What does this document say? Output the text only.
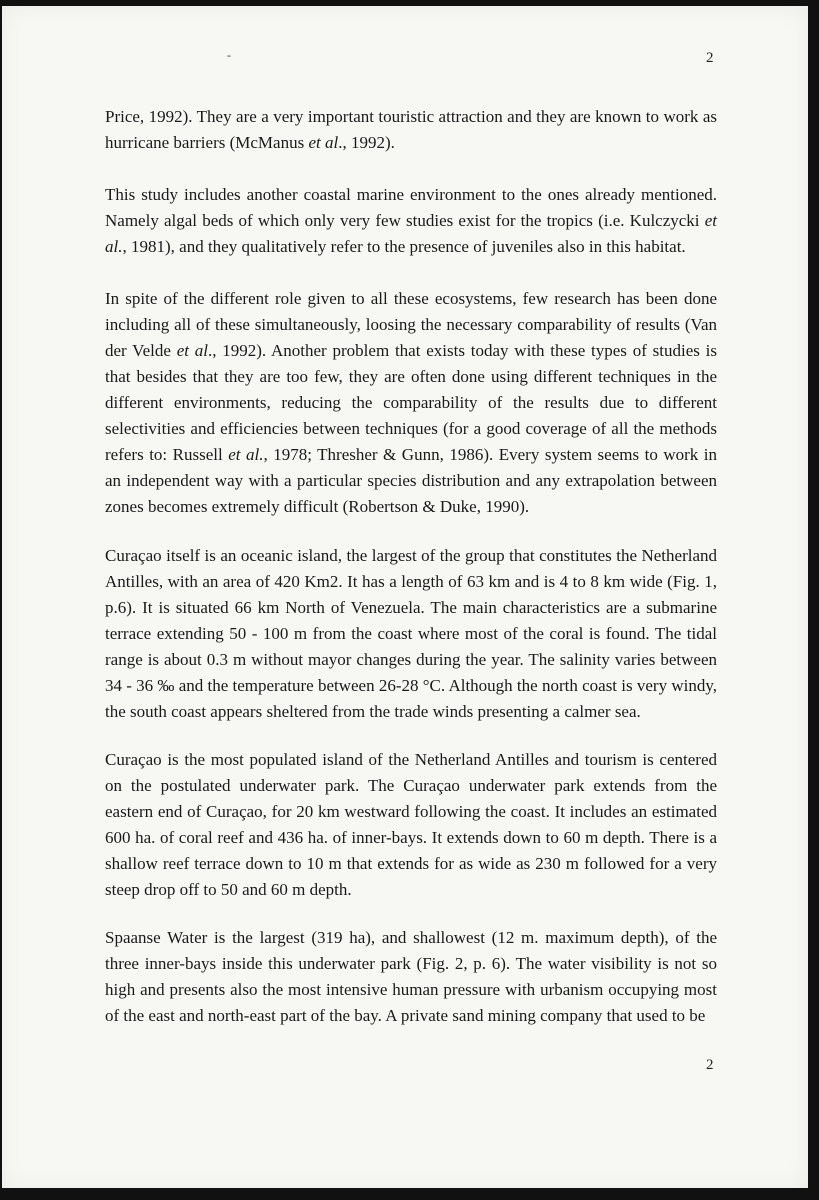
-	2
Price, 1992). They are a very important touristic attraction and they are known to work as hurricane barriers (McManus et al., 1992).
This study includes another coastal marine environment to the ones already mentioned. Namely algal beds of which only very few studies exist for the tropics (i.e. Kulczycki et al., 1981), and they qualitatively refer to the presence of juveniles also in this habitat.
In spite of the different role given to all these ecosystems, few research has been done including all of these simultaneously, loosing the necessary comparability of results (Van der Velde et al., 1992). Another problem that exists today with these types of studies is that besides that they are too few, they are often done using different techniques in the different environments, reducing the comparability of the results due to different selectivities and efficiencies between techniques (for a good coverage of all the methods refers to: Russell et al., 1978; Thresher & Gunn, 1986). Every system seems to work in an independent way with a particular species distribution and any extrapolation between zones becomes extremely difficult (Robertson & Duke, 1990).
Curaçao itself is an oceanic island, the largest of the group that constitutes the Netherland Antilles, with an area of 420 Km2. It has a length of 63 km and is 4 to 8 km wide (Fig. 1, p.6). It is situated 66 km North of Venezuela. The main characteristics are a submarine terrace extending 50 - 100 m from the coast where most of the coral is found. The tidal range is about 0.3 m without mayor changes during the year. The salinity varies between 34 - 36 ‰ and the temperature between 26-28 °C. Although the north coast is very windy, the south coast appears sheltered from the trade winds presenting a calmer sea.
Curaçao is the most populated island of the Netherland Antilles and tourism is centered on the postulated underwater park. The Curaçao underwater park extends from the eastern end of Curaçao, for 20 km westward following the coast. It includes an estimated 600 ha. of coral reef and 436 ha. of inner-bays. It extends down to 60 m depth. There is a shallow reef terrace down to 10 m that extends for as wide as 230 m followed for a very steep drop off to 50 and 60 m depth.
Spaanse Water is the largest (319 ha), and shallowest (12 m. maximum depth), of the three inner-bays inside this underwater park (Fig. 2, p. 6). The water visibility is not so high and presents also the most intensive human pressure with urbanism occupying most of the east and north-east part of the bay. A private sand mining company that used to be
2
